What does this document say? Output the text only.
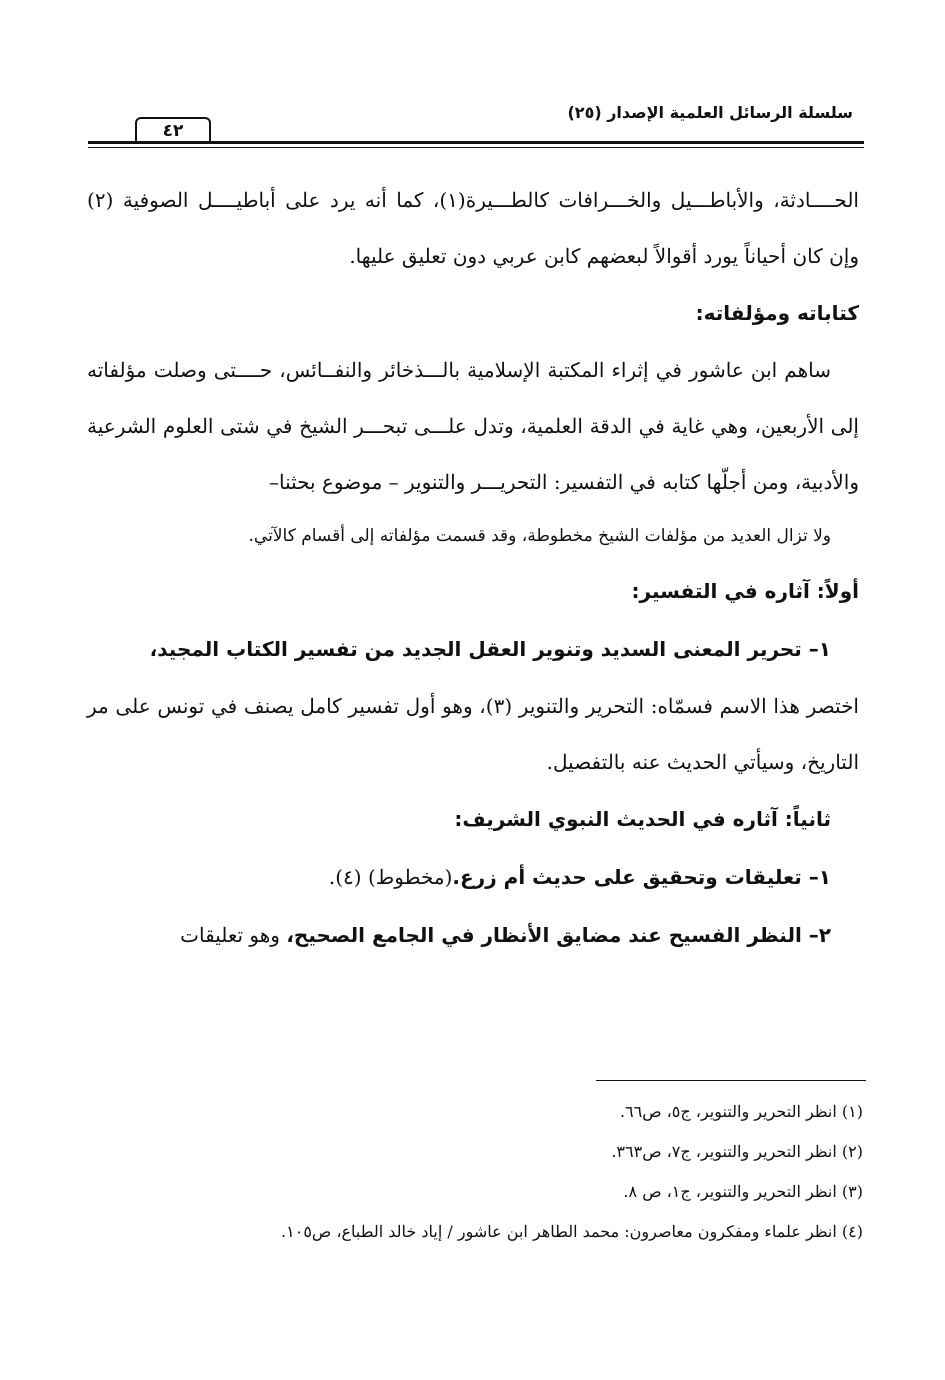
سلسلة الرسائل العلمية الإصدار (٢٥)
٤٢

الحــــادثة، والأباطـــيل والخـــرافات كالطـــيرة(١)، كما أنه يرد على أباطيــــل الصوفية (٢) وإن كان أحياناً يورد أقوالاً لبعضهم كابن عربي دون تعليق عليها.

كتاباته ومؤلفاته:

ساهم ابن عاشور في إثراء المكتبة الإسلامية بالـــذخائر والنفــائس، حــــتى وصلت مؤلفاته إلى الأربعين، وهي غاية في الدقة العلمية، وتدل علـــى تبحـــر الشيخ في شتى العلوم الشرعية والأدبية، ومن أجلّها كتابه في التفسير: التحريـــر والتنوير – موضوع بحثنا–

ولا تزال العديد من مؤلفات الشيخ مخطوطة، وقد قسمت مؤلفاته إلى أقسام كالآتي.

أولاً: آثاره في التفسير:

١– تحرير المعنى السديد وتنوير العقل الجديد من تفسير الكتاب المجيد،

اختصر هذا الاسم فسمّاه: التحرير والتنوير (٣)، وهو أول تفسير كامل يصنف في تونس على مر التاريخ، وسيأتي الحديث عنه بالتفصيل.

ثانياً: آثاره في الحديث النبوي الشريف:

١– تعليقات وتحقيق على حديث أم زرع.(مخطوط) (٤).

٢– النظر الفسيح عند مضايق الأنظار في الجامع الصحيح، وهو تعليقات

(١) انظر التحرير والتنوير، ج٥، ص٦٦.

(٢) انظر التحرير والتنوير، ج٧، ص٣٦٣.

(٣) انظر التحرير والتنوير، ج١، ص ٨.

(٤) انظر علماء ومفكرون معاصرون: محمد الطاهر ابن عاشور / إياد خالد الطباع، ص١٠٥.
